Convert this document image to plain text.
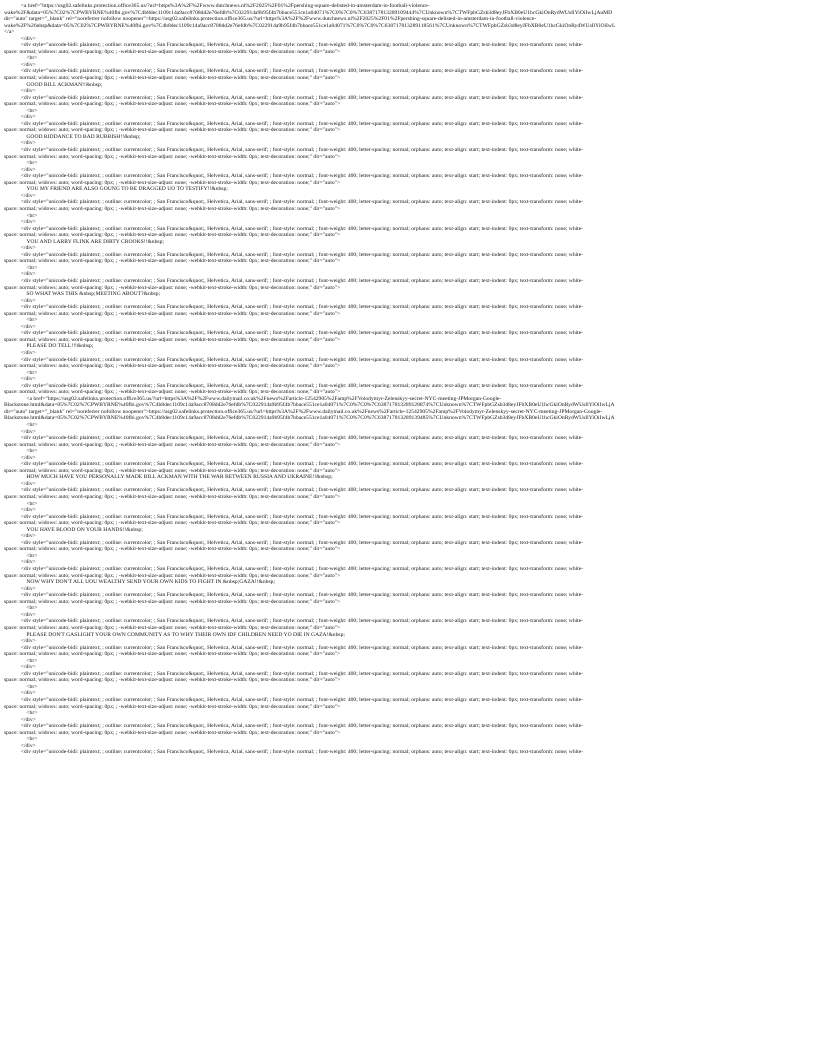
<a href="https://usg02.safelinks.protection.office365.us/?url=https%3A%2F%2Fwww.dutchnews.nl%2F2025%2F01%2Fpershing-square-delisted-in-amsterdam-in-football-violence-
wake%2F&data=05%7C02%7CPWBYRNE%40fbi.gov%7C4b8dec1109c14a9acc8708dd2e76efdb%7C022914a9b95f4b7bbace551ce1a04071%7C0%7C0%7C638717813289109444%7CUnknown%7CTWFpbGZsb3d8eyJFbXB0eU1hcGkiOnRydWUsIlYiOiIwLjAuMD
dir="auto" target="_blank" rel="noreferrer nofollow noopener">https://usg02.safelinks.protection.office365.us/?url=https%3A%2F%2Fwww.dutchnews.nl%2F2025%2F01%2Fpershing-square-delisted-in-amsterdam-in-football-violence-
wake%2F%26nbsp&data=05%7C02%7CPWBYRNE%40fbi.gov%7C4b8dec1109c14a9acc8708dd2e76efdb%7C022914a9b95f4b7bbace551ce1a04071%7C0%7C0%7C638717813289118561%7CUnknown%7CTWFpbGZsb3d8eyJFbXB0eU1hcGkiOnRydWUsIlYiOiIwL
</a>
</div>
<div style="unicode-bidi: plaintext; ; outline: currentcolor; ; San Francisco&quot;, Helvetica, Arial, sans-serif; ; font-style: normal; ; font-weight: 400; letter-spacing: normal; orphans: auto; text-align: start; text-indent: 0px; text-transform: none; white-
space: normal; widows: auto; word-spacing: 0px; ; -webkit-text-size-adjust: none; -webkit-text-stroke-width: 0px; text-decoration: none;" dir="auto">
<br>
</div>
<div style="unicode-bidi: plaintext; ; outline: currentcolor; ; San Francisco&quot;, Helvetica, Arial, sans-serif; ; font-style: normal; ; font-weight: 400; letter-spacing: normal; orphans: auto; text-align: start; text-indent: 0px; text-transform: none; white-
space: normal; widows: auto; word-spacing: 0px; ; -webkit-text-size-adjust: none; -webkit-text-stroke-width: 0px; text-decoration: none;" dir="auto">
GOOD BILL ACKMAN!!&nbsp;
</div>
<div style="unicode-bidi: plaintext; ; outline: currentcolor; ; San Francisco&quot;, Helvetica, Arial, sans-serif; ; font-style: normal; ; font-weight: 400; letter-spacing: normal; orphans: auto; text-align: start; text-indent: 0px; text-transform: none; white-
space: normal; widows: auto; word-spacing: 0px; ; -webkit-text-size-adjust: none; -webkit-text-stroke-width: 0px; text-decoration: none;" dir="auto">
<br>
</div>
<div style="unicode-bidi: plaintext; ; outline: currentcolor; ; San Francisco&quot;, Helvetica, Arial, sans-serif; ; font-style: normal; ; font-weight: 400; letter-spacing: normal; orphans: auto; text-align: start; text-indent: 0px; text-transform: none; white-
space: normal; widows: auto; word-spacing: 0px; ; -webkit-text-size-adjust: none; -webkit-text-stroke-width: 0px; text-decoration: none;" dir="auto">
GOOD RIDDANCE TO BAD RUBBISH!!&nbsp;
</div>
<div style="unicode-bidi: plaintext; ; outline: currentcolor; ; San Francisco&quot;, Helvetica, Arial, sans-serif; ; font-style: normal; ; font-weight: 400; letter-spacing: normal; orphans: auto; text-align: start; text-indent: 0px; text-transform: none; white-
space: normal; widows: auto; word-spacing: 0px; ; -webkit-text-size-adjust: none; -webkit-text-stroke-width: 0px; text-decoration: none;" dir="auto">
<br>
</div>
<div style="unicode-bidi: plaintext; ; outline: currentcolor; ; San Francisco&quot;, Helvetica, Arial, sans-serif; ; font-style: normal; ; font-weight: 400; letter-spacing: normal; orphans: auto; text-align: start; text-indent: 0px; text-transform: none; white-
space: normal; widows: auto; word-spacing: 0px; ; -webkit-text-size-adjust: none; -webkit-text-stroke-width: 0px; text-decoration: none;" dir="auto">
YOU MY FRIEND ARE ALSO GOUNG TO BE DRAGGED UO TO TESTIFY!!&nbsp;
</div>
<div style="unicode-bidi: plaintext; ; outline: currentcolor; ; San Francisco&quot;, Helvetica, Arial, sans-serif; ; font-style: normal; ; font-weight: 400; letter-spacing: normal; orphans: auto; text-align: start; text-indent: 0px; text-transform: none; white-
space: normal; widows: auto; word-spacing: 0px; ; -webkit-text-size-adjust: none; -webkit-text-stroke-width: 0px; text-decoration: none;" dir="auto">
<br>
</div>
<div style="unicode-bidi: plaintext; ; outline: currentcolor; ; San Francisco&quot;, Helvetica, Arial, sans-serif; ; font-style: normal; ; font-weight: 400; letter-spacing: normal; orphans: auto; text-align: start; text-indent: 0px; text-transform: none; white-
space: normal; widows: auto; word-spacing: 0px; ; -webkit-text-size-adjust: none; -webkit-text-stroke-width: 0px; text-decoration: none;" dir="auto">
YOU AND LARRY FLINK ARE DIRTY CROOKS!!&nbsp;
</div>
<div style="unicode-bidi: plaintext; ; outline: currentcolor; ; San Francisco&quot;, Helvetica, Arial, sans-serif; ; font-style: normal; ; font-weight: 400; letter-spacing: normal; orphans: auto; text-align: start; text-indent: 0px; text-transform: none; white-
space: normal; widows: auto; word-spacing: 0px; ; -webkit-text-size-adjust: none; -webkit-text-stroke-width: 0px; text-decoration: none;" dir="auto">
<br>
</div>
<div style="unicode-bidi: plaintext; ; outline: currentcolor; ; San Francisco&quot;, Helvetica, Arial, sans-serif; ; font-style: normal; ; font-weight: 400; letter-spacing: normal; orphans: auto; text-align: start; text-indent: 0px; text-transform: none; white-
space: normal; widows: auto; word-spacing: 0px; ; -webkit-text-size-adjust: none; -webkit-text-stroke-width: 0px; text-decoration: none;" dir="auto">
SO WHAT WAS THIS &nbsp;MEETING ABOUT?&nbsp;
</div>
<div style="unicode-bidi: plaintext; ; outline: currentcolor; ; San Francisco&quot;, Helvetica, Arial, sans-serif; ; font-style: normal; ; font-weight: 400; letter-spacing: normal; orphans: auto; text-align: start; text-indent: 0px; text-transform: none; white-
space: normal; widows: auto; word-spacing: 0px; ; -webkit-text-size-adjust: none; -webkit-text-stroke-width: 0px; text-decoration: none;" dir="auto">
<br>
</div>
<div style="unicode-bidi: plaintext; ; outline: currentcolor; ; San Francisco&quot;, Helvetica, Arial, sans-serif; ; font-style: normal; ; font-weight: 400; letter-spacing: normal; orphans: auto; text-align: start; text-indent: 0px; text-transform: none; white-
space: normal; widows: auto; word-spacing: 0px; ; -webkit-text-size-adjust: none; -webkit-text-stroke-width: 0px; text-decoration: none;" dir="auto">
PLEASE DO TELL!!!&nbsp;
</div>
<div style="unicode-bidi: plaintext; ; outline: currentcolor; ; San Francisco&quot;, Helvetica, Arial, sans-serif; ; font-style: normal; ; font-weight: 400; letter-spacing: normal; orphans: auto; text-align: start; text-indent: 0px; text-transform: none; white-
space: normal; widows: auto; word-spacing: 0px; ; -webkit-text-size-adjust: none; -webkit-text-stroke-width: 0px; text-decoration: none;" dir="auto">
<br>
</div>
<div style="unicode-bidi: plaintext; ; outline: currentcolor; ; San Francisco&quot;, Helvetica, Arial, sans-serif; ; font-style: normal; ; font-weight: 400; letter-spacing: normal; orphans: auto; text-align: start; text-indent: 0px; text-transform: none; white-
space: normal; widows: auto; word-spacing: 0px; ; -webkit-text-size-adjust: none; -webkit-text-stroke-width: 0px; text-decoration: none;" dir="auto">
<a href="https://usg02.safelinks.protection.office365.us/?url=https%3A%2F%2Fwww.dailymail.co.uk%2Fnews%2Farticle-12542905%2Famp%2FVolodymyr-Zelenskyy-secret-NYC-meeting-JPMorgan-Google-
Blackstone.html&data=05%7C02%7CPWBYRNE%40fbi.gov%7C4b8dec1109c14a9acc8708dd2e76efdb%7C022914a9b95f4b7bbace551ce1a04071%7C0%7C0%7C638717813289128874%7CUnknown%7CTWFpbGZsb3d8eyJFbXB0eU1hcGkiOnRydWUsIlYiOiIwLjA
dir="auto" target="_blank" rel="noreferrer nofollow noopener">https://usg02.safelinks.protection.office365.us/?url=https%3A%2F%2Fwww.dailymail.co.uk%2Fnews%2Farticle-12542905%2Famp%2FVolodymyr-Zelenskyy-secret-NYC-meeting-JPMorgan-Google-
Blackstone.html&data=05%7C02%7CPWBYRNE%40fbi.gov%7C4b8dec1109c14a9acc8708dd2e76efdb%7C022914a9b95f4b7bbace551ce1a04071%7C0%7C0%7C638717813289139485%7CUnknown%7CTWFpbGZsb3d8eyJFbXB0eU1hcGkiOnRydWUsIlYiOiIwLjA
<br>
</div>
<div style="unicode-bidi: plaintext; ; outline: currentcolor; ; San Francisco&quot;, Helvetica, Arial, sans-serif; ; font-style: normal; ; font-weight: 400; letter-spacing: normal; orphans: auto; text-align: start; text-indent: 0px; text-transform: none; white-
space: normal; widows: auto; word-spacing: 0px; ; -webkit-text-size-adjust: none; -webkit-text-stroke-width: 0px; text-decoration: none;" dir="auto">
<br>
</div>
<div style="unicode-bidi: plaintext; ; outline: currentcolor; ; San Francisco&quot;, Helvetica, Arial, sans-serif; ; font-style: normal; ; font-weight: 400; letter-spacing: normal; orphans: auto; text-align: start; text-indent: 0px; text-transform: none; white-
space: normal; widows: auto; word-spacing: 0px; ; -webkit-text-size-adjust: none; -webkit-text-stroke-width: 0px; text-decoration: none;" dir="auto">
HOW MUCH HAVE YOU PERSONALLY MADE BILL ACKMAN WITH THE WAR BETWEEN RUSSIA AND UKRAINE!!&nbsp;
</div>
<div style="unicode-bidi: plaintext; ; outline: currentcolor; ; San Francisco&quot;, Helvetica, Arial, sans-serif; ; font-style: normal; ; font-weight: 400; letter-spacing: normal; orphans: auto; text-align: start; text-indent: 0px; text-transform: none; white-
space: normal; widows: auto; word-spacing: 0px; ; -webkit-text-size-adjust: none; -webkit-text-stroke-width: 0px; text-decoration: none;" dir="auto">
<br>
</div>
<div style="unicode-bidi: plaintext; ; outline: currentcolor; ; San Francisco&quot;, Helvetica, Arial, sans-serif; ; font-style: normal; ; font-weight: 400; letter-spacing: normal; orphans: auto; text-align: start; text-indent: 0px; text-transform: none; white-
space: normal; widows: auto; word-spacing: 0px; ; -webkit-text-size-adjust: none; -webkit-text-stroke-width: 0px; text-decoration: none;" dir="auto">
YOU HAVE BLOOD ON YOUR HANDS!!&nbsp;
</div>
<div style="unicode-bidi: plaintext; ; outline: currentcolor; ; San Francisco&quot;, Helvetica, Arial, sans-serif; ; font-style: normal; ; font-weight: 400; letter-spacing: normal; orphans: auto; text-align: start; text-indent: 0px; text-transform: none; white-
space: normal; widows: auto; word-spacing: 0px; ; -webkit-text-size-adjust: none; -webkit-text-stroke-width: 0px; text-decoration: none;" dir="auto">
<br>
</div>
<div style="unicode-bidi: plaintext; ; outline: currentcolor; ; San Francisco&quot;, Helvetica, Arial, sans-serif; ; font-style: normal; ; font-weight: 400; letter-spacing: normal; orphans: auto; text-align: start; text-indent: 0px; text-transform: none; white-
space: normal; widows: auto; word-spacing: 0px; ; -webkit-text-size-adjust: none; -webkit-text-stroke-width: 0px; text-decoration: none;" dir="auto">
NOW WHY DON'T ALL UOU WEALTHY SEND YOUR OWN KIDS TO FIGHT IN &nbsp;GAZA!!&nbsp;
</div>
<div style="unicode-bidi: plaintext; ; outline: currentcolor; ; San Francisco&quot;, Helvetica, Arial, sans-serif; ; font-style: normal; ; font-weight: 400; letter-spacing: normal; orphans: auto; text-align: start; text-indent: 0px; text-transform: none; white-
space: normal; widows: auto; word-spacing: 0px; ; -webkit-text-size-adjust: none; -webkit-text-stroke-width: 0px; text-decoration: none;" dir="auto">
<br>
</div>
<div style="unicode-bidi: plaintext; ; outline: currentcolor; ; San Francisco&quot;, Helvetica, Arial, sans-serif; ; font-style: normal; ; font-weight: 400; letter-spacing: normal; orphans: auto; text-align: start; text-indent: 0px; text-transform: none; white-
space: normal; widows: auto; word-spacing: 0px; ; -webkit-text-size-adjust: none; -webkit-text-stroke-width: 0px; text-decoration: none;" dir="auto">
PLEASE DON'T GASLIGHT YOUR OWN COMMUNITY AS TO WHY THEIR OWN IDF CHILDREN NEED YO DIE IN GAZA!&nbsp;
</div>
<div style="unicode-bidi: plaintext; ; outline: currentcolor; ; San Francisco&quot;, Helvetica, Arial, sans-serif; ; font-style: normal; ; font-weight: 400; letter-spacing: normal; orphans: auto; text-align: start; text-indent: 0px; text-transform: none; white-
space: normal; widows: auto; word-spacing: 0px; ; -webkit-text-size-adjust: none; -webkit-text-stroke-width: 0px; text-decoration: none;" dir="auto">
<br>
</div>
<div style="unicode-bidi: plaintext; ; outline: currentcolor; ; San Francisco&quot;, Helvetica, Arial, sans-serif; ; font-style: normal; ; font-weight: 400; letter-spacing: normal; orphans: auto; text-align: start; text-indent: 0px; text-transform: none; white-
space: normal; widows: auto; word-spacing: 0px; ; -webkit-text-size-adjust: none; -webkit-text-stroke-width: 0px; text-decoration: none;" dir="auto">
<br>
</div>
<div style="unicode-bidi: plaintext; ; outline: currentcolor; ; San Francisco&quot;, Helvetica, Arial, sans-serif; ; font-style: normal; ; font-weight: 400; letter-spacing: normal; orphans: auto; text-align: start; text-indent: 0px; text-transform: none; white-
space: normal; widows: auto; word-spacing: 0px; ; -webkit-text-size-adjust: none; -webkit-text-stroke-width: 0px; text-decoration: none;" dir="auto">
<br>
</div>
<div style="unicode-bidi: plaintext; ; outline: currentcolor; ; San Francisco&quot;, Helvetica, Arial, sans-serif; ; font-style: normal; ; font-weight: 400; letter-spacing: normal; orphans: auto; text-align: start; text-indent: 0px; text-transform: none; white-
space: normal; widows: auto; word-spacing: 0px; ; -webkit-text-size-adjust: none; -webkit-text-stroke-width: 0px; text-decoration: none;" dir="auto">
<br>
</div>
<div style="unicode-bidi: plaintext; ; outline: currentcolor; ; San Francisco&quot;, Helvetica, Arial, sans-serif; ; font-style: normal; ; font-weight: 400; letter-spacing: normal; orphans: auto; text-align: start; text-indent: 0px; text-transform: none; white-
